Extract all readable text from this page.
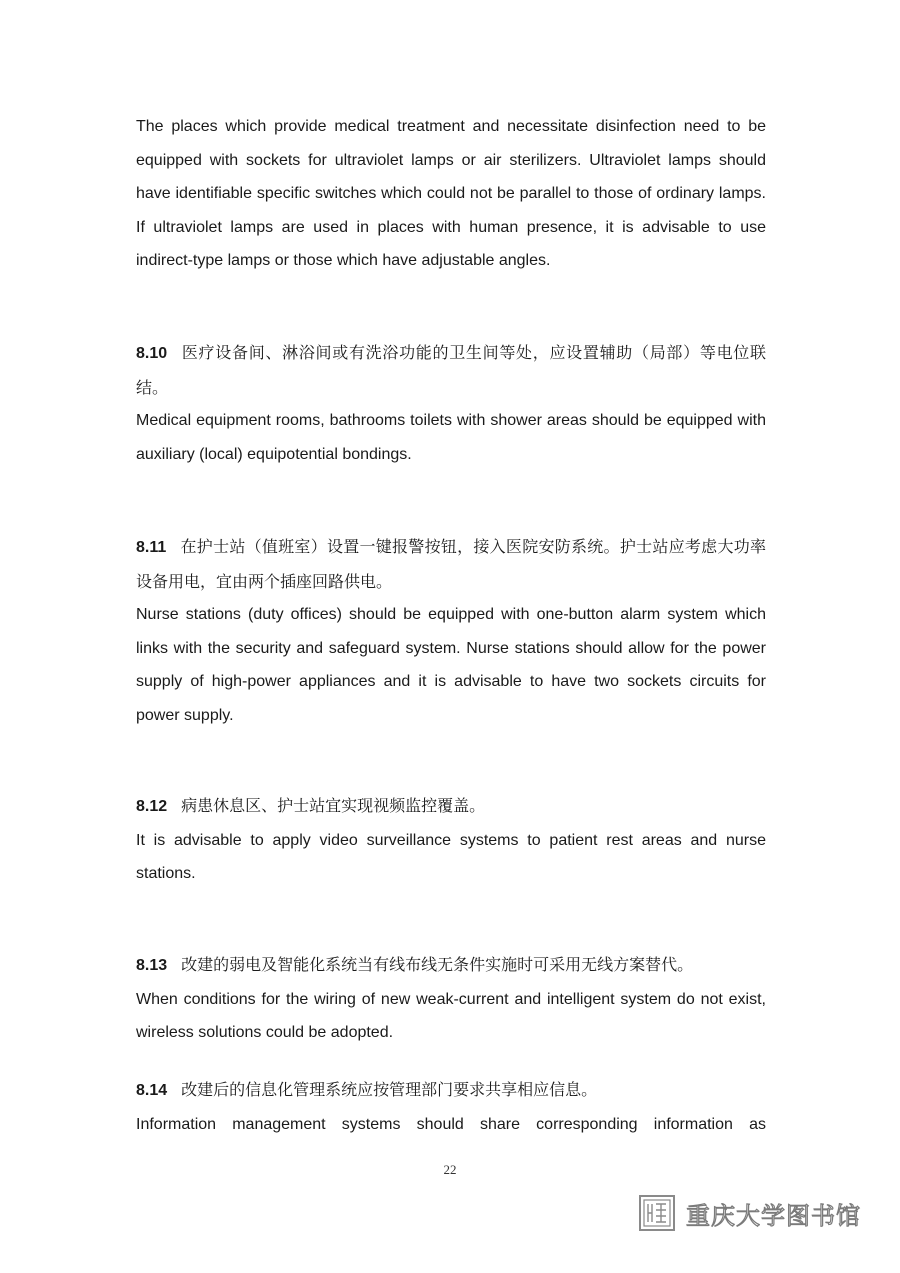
The places which provide medical treatment and necessitate disinfection need to be equipped with sockets for ultraviolet lamps or air sterilizers. Ultraviolet lamps should have identifiable specific switches which could not be parallel to those of ordinary lamps. If ultraviolet lamps are used in places with human presence, it is advisable to use indirect-type lamps or those which have adjustable angles.
8.10 医疗设备间、淋浴间或有洗浴功能的卫生间等处，应设置辅助（局部）等电位联结。
Medical equipment rooms, bathrooms toilets with shower areas should be equipped with auxiliary (local) equipotential bondings.
8.11 在护士站（值班室）设置一键报警按钮，接入医院安防系统。护士站应考虑大功率设备用电，宜由两个插座回路供电。
Nurse stations (duty offices) should be equipped with one-button alarm system which links with the security and safeguard system. Nurse stations should allow for the power supply of high-power appliances and it is advisable to have two sockets circuits for power supply.
8.12 病患休息区、护士站宜实现视频监控覆盖。
It is advisable to apply video surveillance systems to patient rest areas and nurse stations.
8.13 改建的弱电及智能化系统当有线布线无条件实施时可采用无线方案替代。
When conditions for the wiring of new weak-current and intelligent system do not exist, wireless solutions could be adopted.
8.14 改建后的信息化管理系统应按管理部门要求共享相应信息。
Information management systems should share corresponding information as
22
重庆大学图书馆
